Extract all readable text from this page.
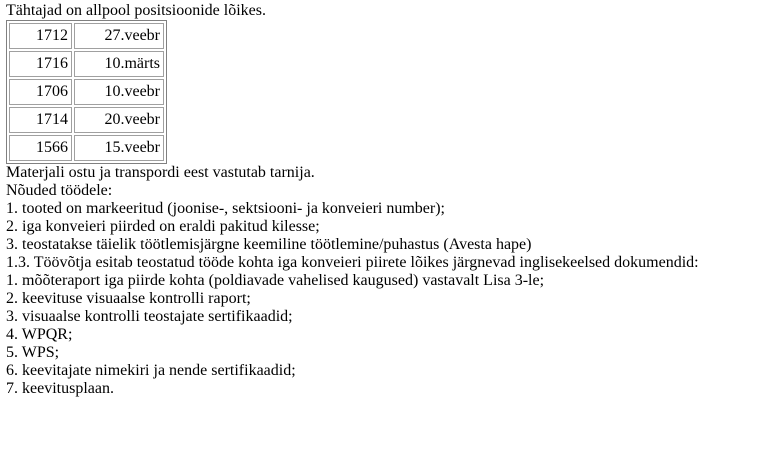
Tähtajad on allpool positsioonide lõikes.

1712	27.veebr
1716	10.märts
1706	10.veebr
1714	20.veebr
1566	15.veebr

Materjali ostu ja transpordi eest vastutab tarnija.

Nõuded töödele:

1. tooted on markeeritud (joonise-, sektsiooni- ja konveieri number);

2. iga konveieri piirded on eraldi pakitud kilesse;

3. teostatakse täielik töötlemisjärgne keemiline töötlemine/puhastus (Avesta hape)

1.3. Töövõtja esitab teostatud tööde kohta iga konveieri piirete lõikes järgnevad inglisekeelsed dokumendid:

1. mõõteraport iga piirde kohta (poldiavade vahelised kaugused) vastavalt Lisa 3-le;

2. keevituse visuaalse kontrolli raport;

3. visuaalse kontrolli teostajate sertifikaadid;

4. WPQR;

5. WPS;

6. keevitajate nimekiri ja nende sertifikaadid;

7. keevitusplaan.
